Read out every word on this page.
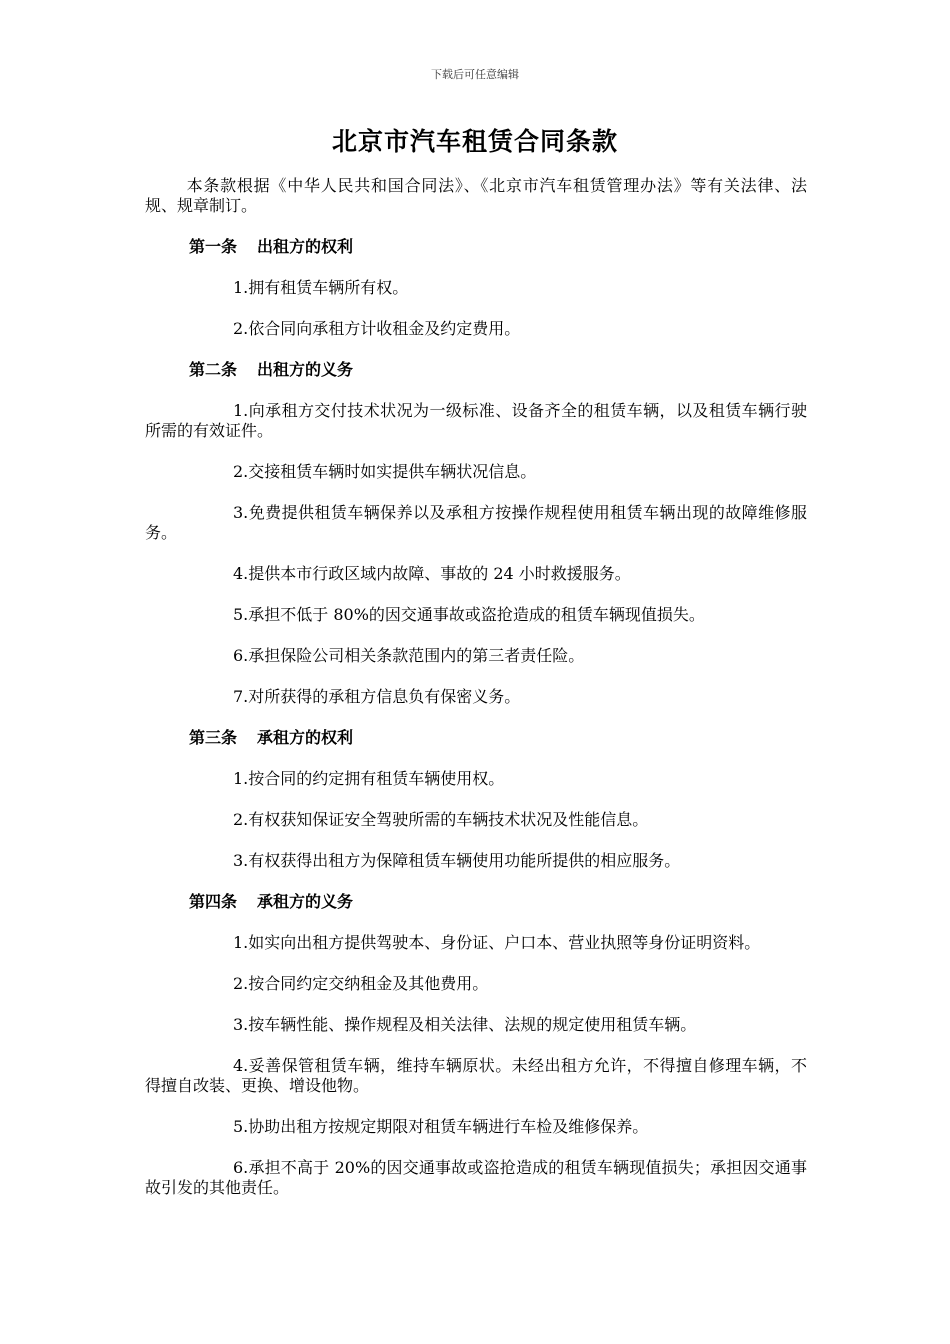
下载后可任意编辑
北京市汽车租赁合同条款

本条款根据《中华人民共和国合同法》、《北京市汽车租赁管理办法》等有关法律、法规、规章制订。

第一条 出租方的权利

1.拥有租赁车辆所有权。

2.依合同向承租方计收租金及约定费用。

第二条 出租方的义务

1.向承租方交付技术状况为一级标准、设备齐全的租赁车辆，以及租赁车辆行驶所需的有效证件。

2.交接租赁车辆时如实提供车辆状况信息。

3.免费提供租赁车辆保养以及承租方按操作规程使用租赁车辆出现的故障维修服务。

4.提供本市行政区域内故障、事故的 24 小时救援服务。

5.承担不低于 80%的因交通事故或盗抢造成的租赁车辆现值损失。

6.承担保险公司相关条款范围内的第三者责任险。

7.对所获得的承租方信息负有保密义务。

第三条 承租方的权利

1.按合同的约定拥有租赁车辆使用权。

2.有权获知保证安全驾驶所需的车辆技术状况及性能信息。

3.有权获得出租方为保障租赁车辆使用功能所提供的相应服务。

第四条 承租方的义务

1.如实向出租方提供驾驶本、身份证、户口本、营业执照等身份证明资料。

2.按合同约定交纳租金及其他费用。

3.按车辆性能、操作规程及相关法律、法规的规定使用租赁车辆。

4.妥善保管租赁车辆，维持车辆原状。未经出租方允许，不得擅自修理车辆，不得擅自改装、更换、增设他物。

5.协助出租方按规定期限对租赁车辆进行车检及维修保养。

6.承担不高于 20%的因交通事故或盗抢造成的租赁车辆现值损失；承担因交通事故引发的其他责任。
